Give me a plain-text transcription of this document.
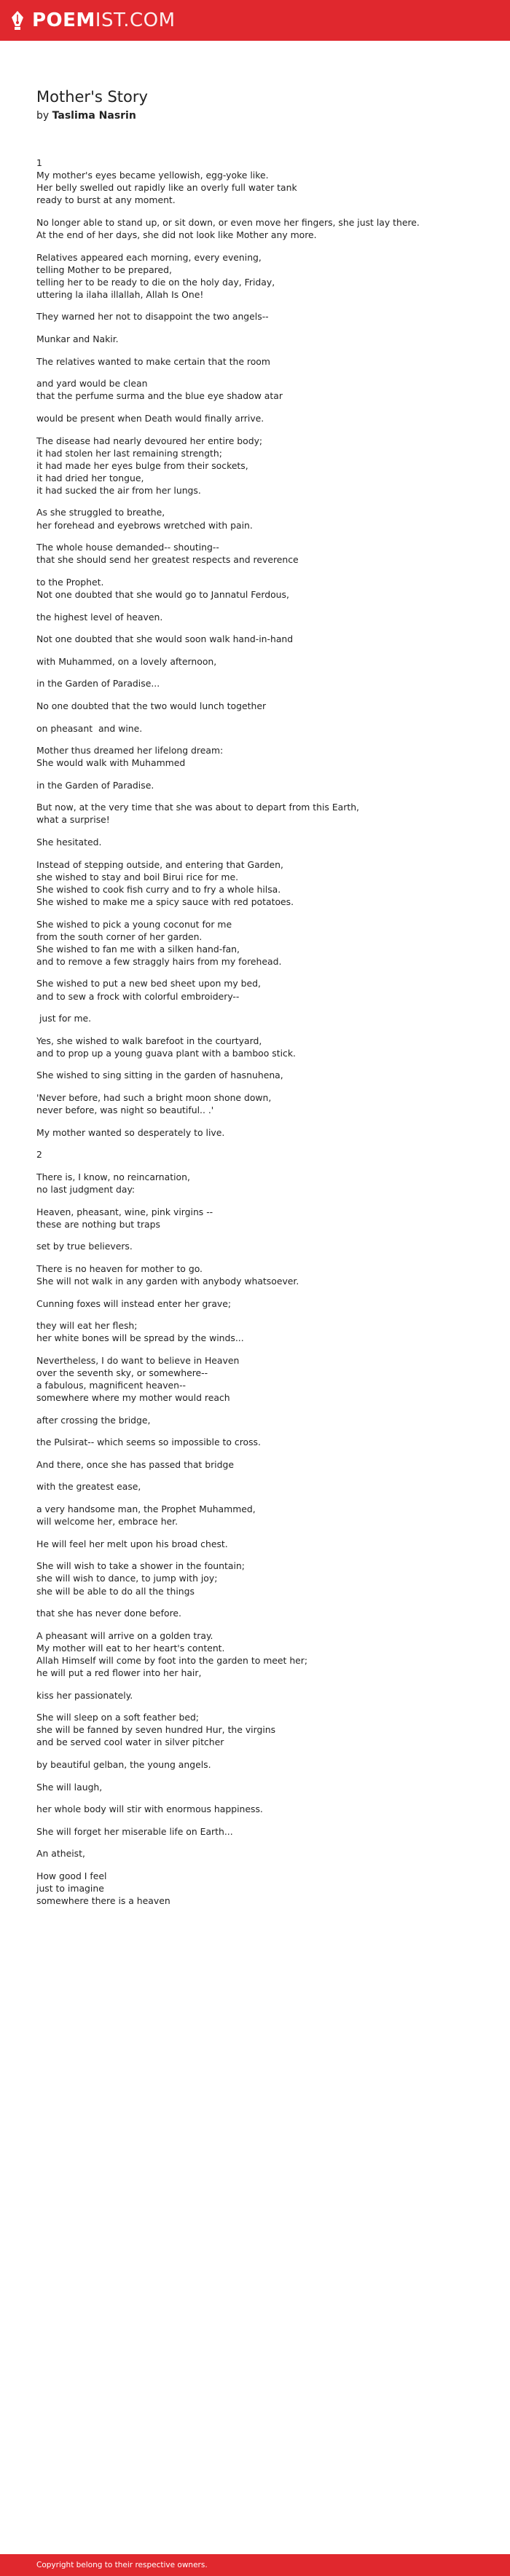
POEMIST.COM
Mother's Story
by Taslima Nasrin
1
My mother's eyes became yellowish, egg-yoke like.
Her belly swelled out rapidly like an overly full water tank
ready to burst at any moment.
No longer able to stand up, or sit down, or even move her fingers, she just lay there.
At the end of her days, she did not look like Mother any more.
Relatives appeared each morning, every evening,
telling Mother to be prepared,
telling her to be ready to die on the holy day, Friday,
uttering la ilaha illallah, Allah Is One!
They warned her not to disappoint the two angels--
Munkar and Nakir.
The relatives wanted to make certain that the room
and yard would be clean
that the perfume surma and the blue eye shadow atar
would be present when Death would finally arrive.
The disease had nearly devoured her entire body;
it had stolen her last remaining strength;
it had made her eyes bulge from their sockets,
it had dried her tongue,
it had sucked the air from her lungs.
As she struggled to breathe,
her forehead and eyebrows wretched with pain.
The whole house demanded-- shouting--
that she should send her greatest respects and reverence
to the Prophet.
Not one doubted that she would go to Jannatul Ferdous,
the highest level of heaven.
Not one doubted that she would soon walk hand-in-hand
with Muhammed, on a lovely afternoon,
in the Garden of Paradise...
No one doubted that the two would lunch together
on pheasant  and wine.
Mother thus dreamed her lifelong dream:
She would walk with Muhammed
in the Garden of Paradise.
But now, at the very time that she was about to depart from this Earth,
what a surprise!
She hesitated.
Instead of stepping outside, and entering that Garden,
she wished to stay and boil Birui rice for me.
She wished to cook fish curry and to fry a whole hilsa.
She wished to make me a spicy sauce with red potatoes.
She wished to pick a young coconut for me
from the south corner of her garden.
She wished to fan me with a silken hand-fan,
and to remove a few straggly hairs from my forehead.
She wished to put a new bed sheet upon my bed,
and to sew a frock with colorful embroidery--
just for me.
Yes, she wished to walk barefoot in the courtyard,
and to prop up a young guava plant with a bamboo stick.
She wished to sing sitting in the garden of hasnuhena,
'Never before, had such a bright moon shone down,
never before, was night so beautiful.. .'
My mother wanted so desperately to live.
2
There is, I know, no reincarnation,
no last judgment day:
Heaven, pheasant, wine, pink virgins --
these are nothing but traps
set by true believers.
There is no heaven for mother to go.
She will not walk in any garden with anybody whatsoever.
Cunning foxes will instead enter her grave;
they will eat her flesh;
her white bones will be spread by the winds...
Nevertheless, I do want to believe in Heaven
over the seventh sky, or somewhere--
a fabulous, magnificent heaven--
somewhere where my mother would reach
after crossing the bridge,
the Pulsirat-- which seems so impossible to cross.
And there, once she has passed that bridge
with the greatest ease,
a very handsome man, the Prophet Muhammed,
will welcome her, embrace her.
He will feel her melt upon his broad chest.
She will wish to take a shower in the fountain;
she will wish to dance, to jump with joy;
she will be able to do all the things
that she has never done before.
A pheasant will arrive on a golden tray.
My mother will eat to her heart's content.
Allah Himself will come by foot into the garden to meet her;
he will put a red flower into her hair,
kiss her passionately.
She will sleep on a soft feather bed;
she will be fanned by seven hundred Hur, the virgins
and be served cool water in silver pitcher
by beautiful gelban, the young angels.
She will laugh,
her whole body will stir with enormous happiness.
She will forget her miserable life on Earth...
An atheist,
How good I feel
just to imagine
somewhere there is a heaven
Copyright belong to their respective owners.
